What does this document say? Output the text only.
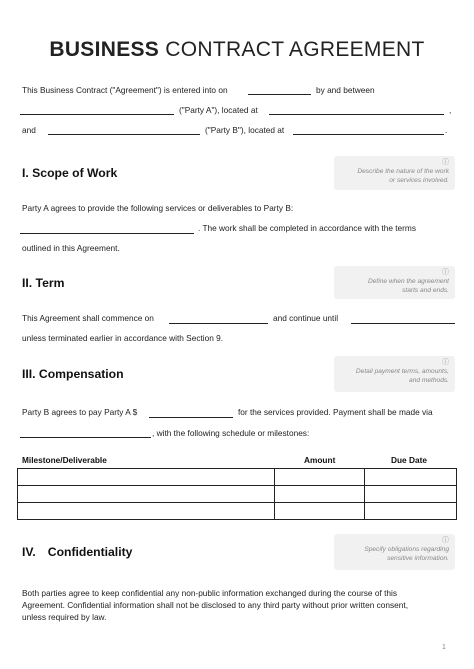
BUSINESS CONTRACT AGREEMENT
This Business Contract ("Agreement") is entered into on	by and between
("Party A"), located at	,
and	("Party B"), located at	.
I. Scope of Work
ⓘ
Describe the nature of the work
or services involved.
Party A agrees to provide the following services or deliverables to Party B:
. The work shall be completed in accordance with the terms
outlined in this Agreement.
II. Term
ⓘ
Define when the agreement
starts and ends.
This Agreement shall commence on	and continue until
unless terminated earlier in accordance with Section 9.
III. Compensation
ⓘ
Detail payment terms, amounts,
and methods.
Party B agrees to pay Party A $	for the services provided. Payment shall be made via
, with the following schedule or milestones:
Milestone/Deliverable	Amount	Due Date

IV. Confidentiality
ⓘ
Specify obligations regarding
sensitive information.
Both parties agree to keep confidential any non-public information exchanged during the course of this
Agreement. Confidential information shall not be disclosed to any third party without prior written consent,
unless required by law.
1
